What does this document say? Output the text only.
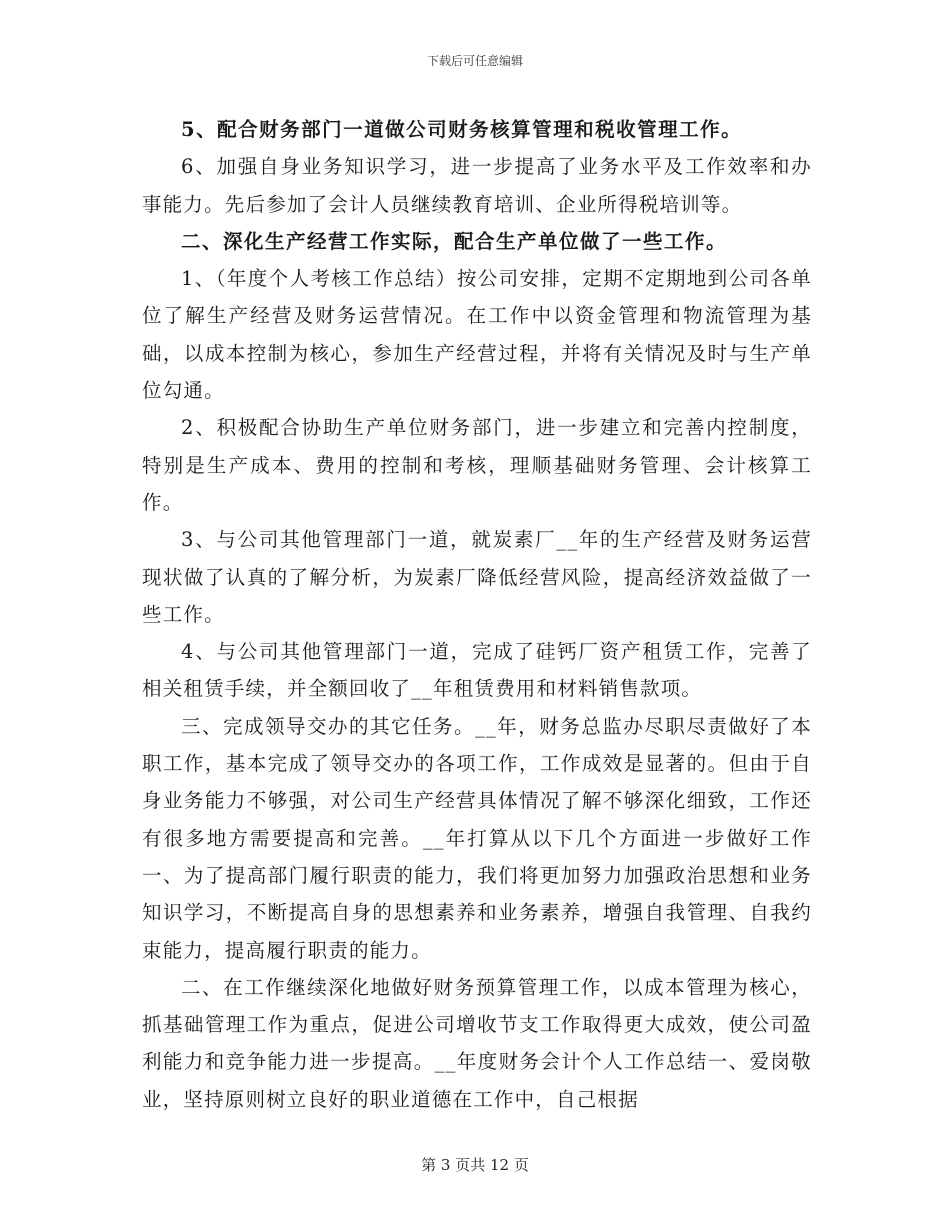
下载后可任意编辑

5、配合财务部门一道做公司财务核算管理和税收管理工作。

6、加强自身业务知识学习，进一步提高了业务水平及工作效率和办事能力。先后参加了会计人员继续教育培训、企业所得税培训等。

二、深化生产经营工作实际，配合生产单位做了一些工作。

1、（年度个人考核工作总结）按公司安排，定期不定期地到公司各单位了解生产经营及财务运营情况。在工作中以资金管理和物流管理为基础，以成本控制为核心，参加生产经营过程，并将有关情况及时与生产单位勾通。

2、积极配合协助生产单位财务部门，进一步建立和完善内控制度，特别是生产成本、费用的控制和考核，理顺基础财务管理、会计核算工作。

3、与公司其他管理部门一道，就炭素厂__年的生产经营及财务运营现状做了认真的了解分析，为炭素厂降低经营风险，提高经济效益做了一些工作。

4、与公司其他管理部门一道，完成了硅钙厂资产租赁工作，完善了相关租赁手续，并全额回收了__年租赁费用和材料销售款项。

三、完成领导交办的其它任务。__年，财务总监办尽职尽责做好了本职工作，基本完成了领导交办的各项工作，工作成效是显著的。但由于自身业务能力不够强，对公司生产经营具体情况了解不够深化细致，工作还有很多地方需要提高和完善。__年打算从以下几个方面进一步做好工作一、为了提高部门履行职责的能力，我们将更加努力加强政治思想和业务知识学习，不断提高自身的思想素养和业务素养，增强自我管理、自我约束能力，提高履行职责的能力。

二、在工作继续深化地做好财务预算管理工作，以成本管理为核心，抓基础管理工作为重点，促进公司增收节支工作取得更大成效，使公司盈利能力和竞争能力进一步提高。__年度财务会计个人工作总结一、爱岗敬业，坚持原则树立良好的职业道德在工作中，自己根据

第 3 页共 12 页
